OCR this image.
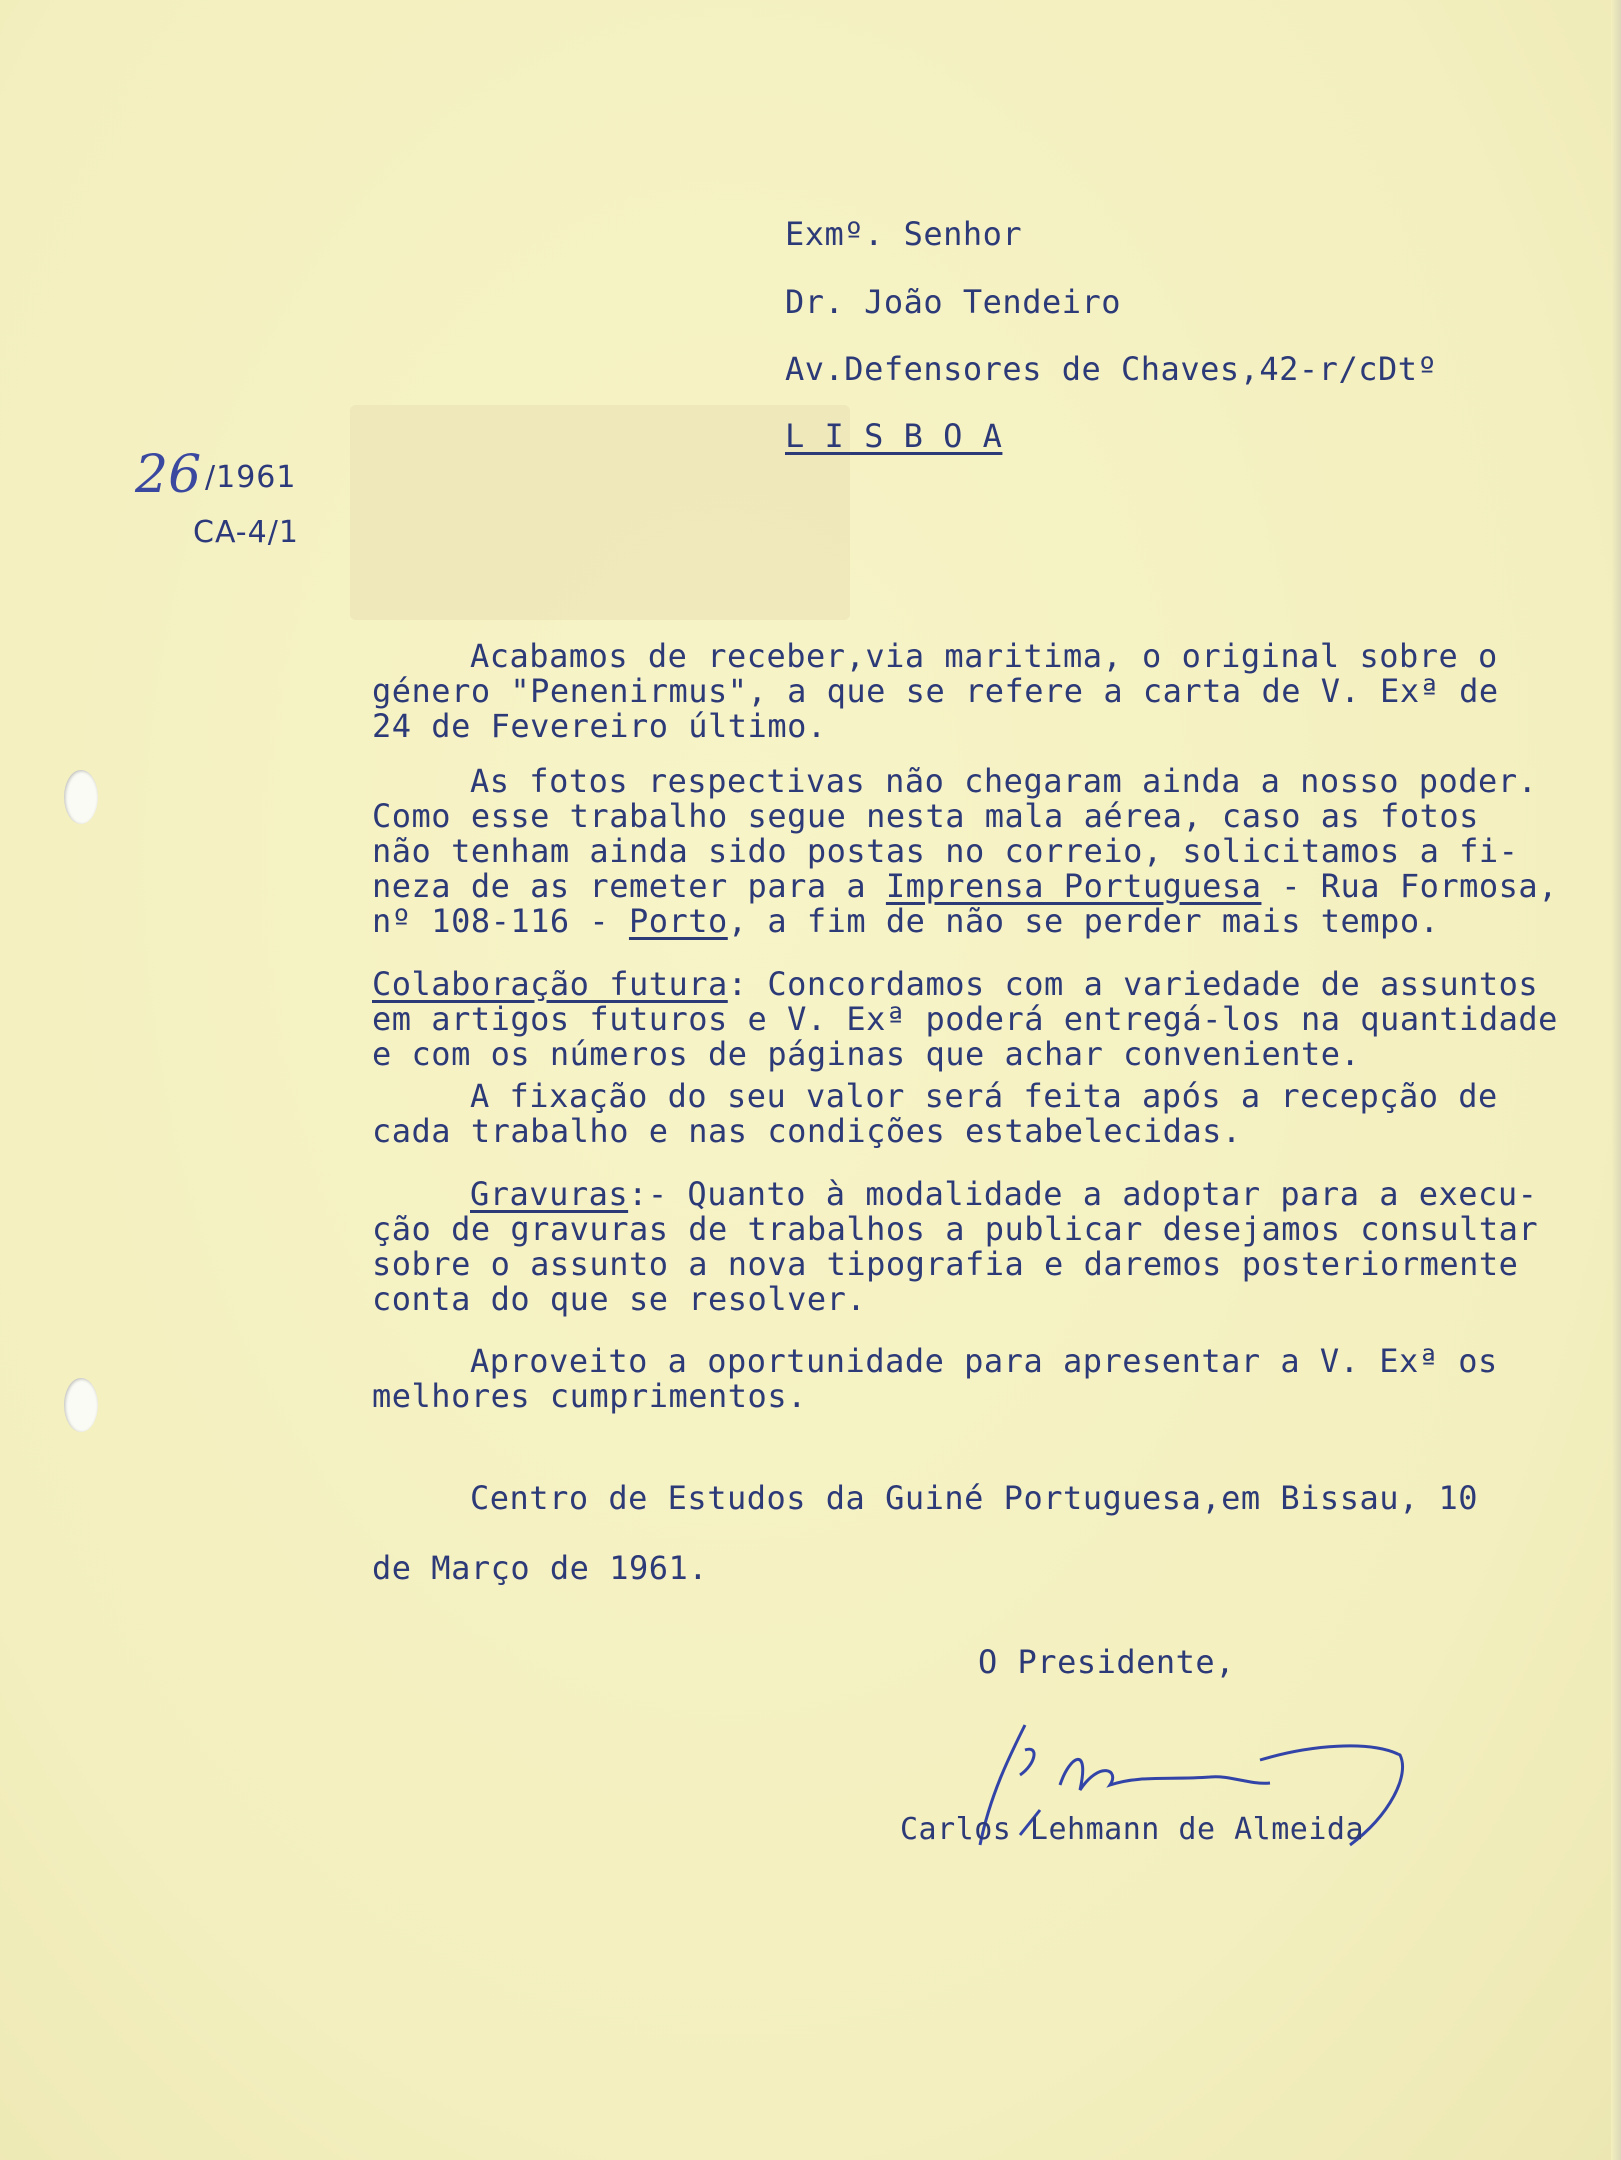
Exmº. Senhor
Dr. João Tendeiro
Av.Defensores de Chaves,42-r/cDtº
L I S B O A
26 /1961
CA-4/1
Acabamos de receber,via maritima, o original sobre o
género "Penenirmus", a que se refere a carta de V. Exª de
24 de Fevereiro último.
As fotos respectivas não chegaram ainda a nosso poder.
Como esse trabalho segue nesta mala aérea, caso as fotos
não tenham ainda sido postas no correio, solicitamos a fi-
neza de as remeter para a Imprensa Portuguesa - Rua Formosa,
nº 108-116 - Porto, a fim de não se perder mais tempo.
Colaboração futura: Concordamos com a variedade de assuntos
em artigos futuros e V. Exª poderá entregá-los na quantidade
e com os números de páginas que achar conveniente.
A fixação do seu valor será feita após a recepção de
cada trabalho e nas condições estabelecidas.
Gravuras:- Quanto à modalidade a adoptar para a execu-
ção de gravuras de trabalhos a publicar desejamos consultar
sobre o assunto a nova tipografia e daremos posteriormente
conta do que se resolver.
Aproveito a oportunidade para apresentar a V. Exª os
melhores cumprimentos.
Centro de Estudos da Guiné Portuguesa,em Bissau, 10
de Março de 1961.
O Presidente,
Carlos Lehmann de Almeida
